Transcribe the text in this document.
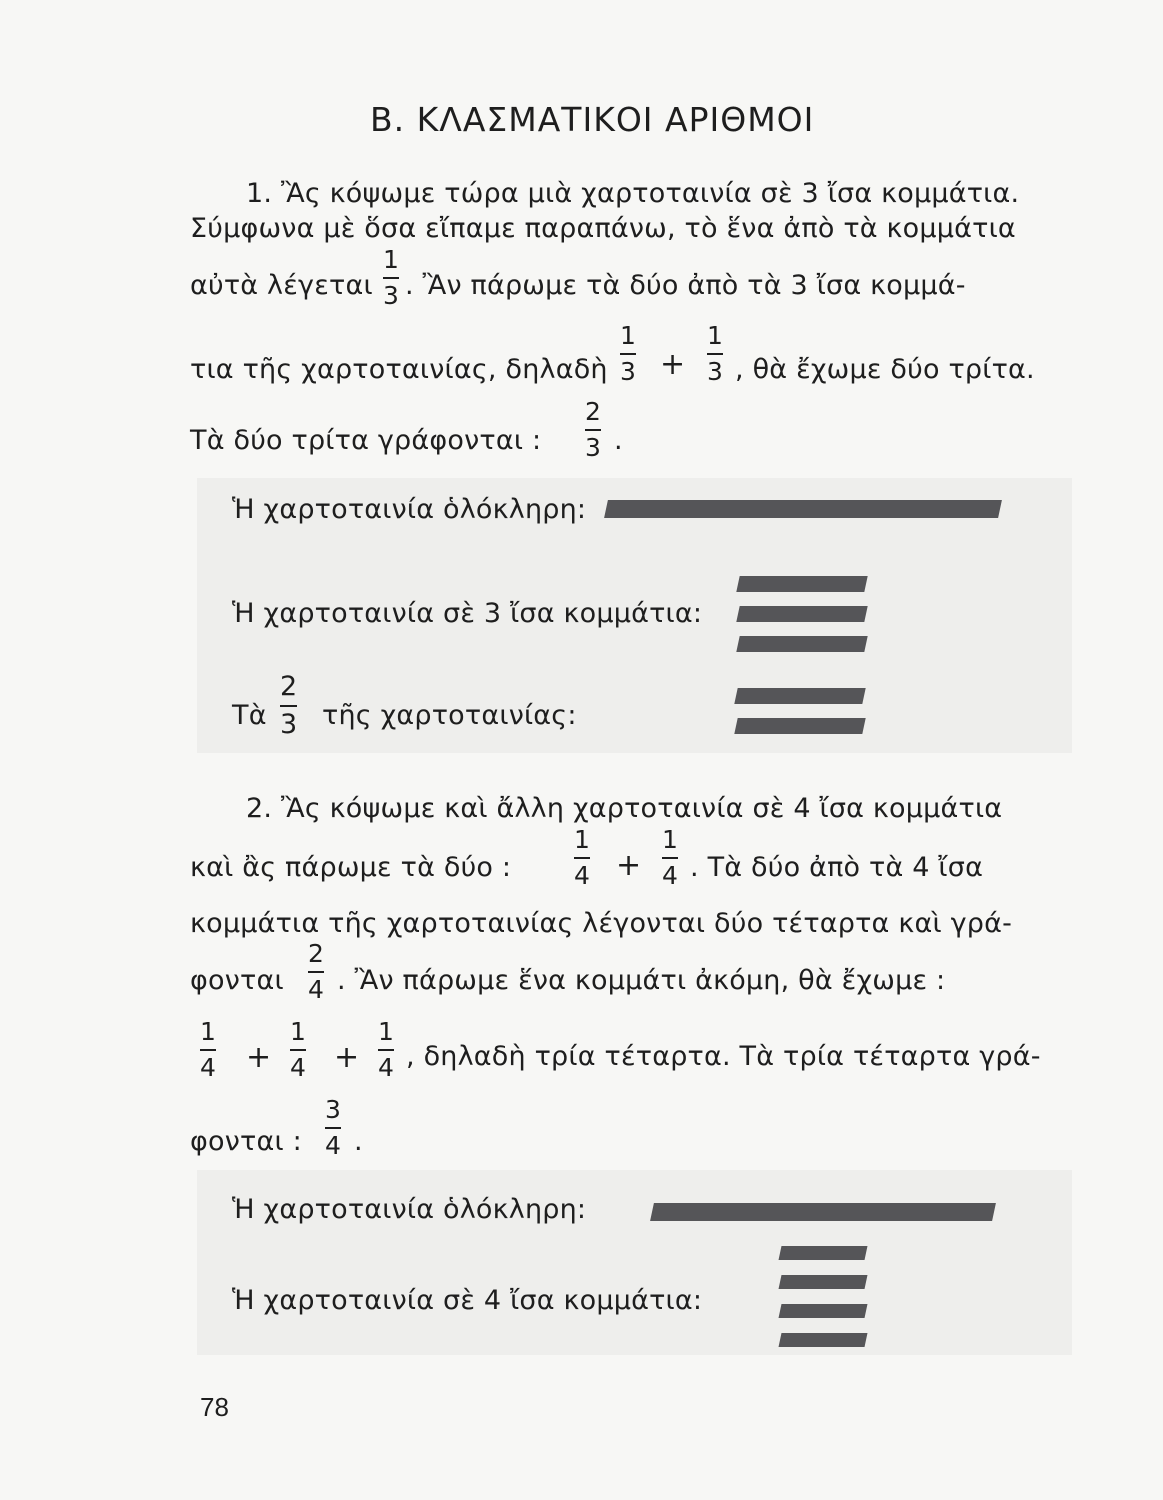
Β. ΚΛΑΣΜΑΤΙΚΟΙ ΑΡΙΘΜΟΙ
1. Ἂς κόψωμε τώρα μιὰ χαρτοταινία σὲ 3 ἴσα κομμάτια.
Σύμφωνα μὲ ὅσα εἴπαμε παραπάνω, τὸ ἕνα ἀπὸ τὰ κομμάτια
αὐτὰ λέγεται
1
3 . Ἂν πάρωμε τὰ δύο ἀπὸ τὰ 3 ἴσα κομμά-
τια τῆς χαρτοταινίας, δηλαδὴ
1
3 +
1
3 , θὰ ἔχωμε δύο τρίτα.
Τὰ δύο τρίτα γράφονται :
2
3 .
Ἡ χαρτοταινία ὁλόκληρη:
Ἡ χαρτοταινία σὲ 3 ἴσα κομμάτια:
Τὰ
2
3 τῆς χαρτοταινίας:
2. Ἂς κόψωμε καὶ ἄλλη χαρτοταινία σὲ 4 ἴσα κομμάτια
καὶ ἂς πάρωμε τὰ δύο :
1
4 +
1
4 . Τὰ δύο ἀπὸ τὰ 4 ἴσα
κομμάτια τῆς χαρτοταινίας λέγονται δύο τέταρτα καὶ γρά-
φονται
2
4 . Ἂν πάρωμε ἕνα κομμάτι ἀκόμη, θὰ ἔχωμε :
1
4 +
1
4 +
1
4 , δηλαδὴ τρία τέταρτα. Τὰ τρία τέταρτα γρά-
φονται :
3
4 .
Ἡ χαρτοταινία ὁλόκληρη:
Ἡ χαρτοταινία σὲ 4 ἴσα κομμάτια:
78
